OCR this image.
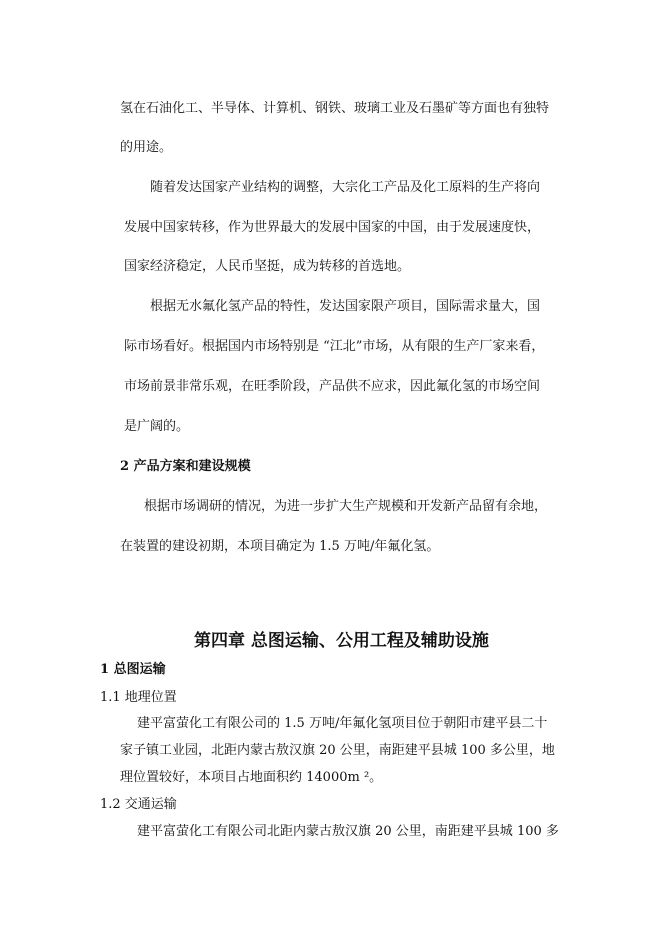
氢在石油化工、半导体、计算机、钢铁、玻璃工业及石墨矿等方面也有独特
的用途。
随着发达国家产业结构的调整，大宗化工产品及化工原料的生产将向
发展中国家转移，作为世界最大的发展中国家的中国，由于发展速度快，
国家经济稳定，人民币坚挺，成为转移的首选地。
根据无水氟化氢产品的特性，发达国家限产项目，国际需求量大，国
际市场看好。根据国内市场特别是 “江北”市场，从有限的生产厂家来看，
市场前景非常乐观，在旺季阶段，产品供不应求，因此氟化氢的市场空间
是广阔的。
2 产品方案和建设规模
根据市场调研的情况，为进一步扩大生产规模和开发新产品留有余地，
在装置的建设初期，本项目确定为 1.5 万吨/年氟化氢。
第四章 总图运输、公用工程及辅助设施
1 总图运输
1.1 地理位置
建平富萤化工有限公司的 1.5 万吨/年氟化氢项目位于朝阳市建平县二十
家子镇工业园，北距内蒙古敖汉旗 20 公里，南距建平县城 100 多公里，地
理位置较好，本项目占地面积约 14000m ²。
1.2 交通运输
建平富萤化工有限公司北距内蒙古敖汉旗 20 公里，南距建平县城 100 多
